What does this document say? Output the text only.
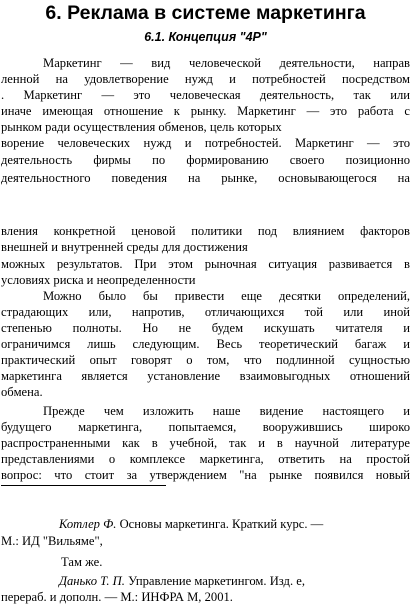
6. Реклама в системе маркетинга
6.1. Концепция "4P"
Маркетинг — вид человеческой деятельности, направ
ленной на удовлетворение нужд и потребностей посредством
. Маркетинг — это человеческая деятельность, так или
иначе имеющая отношение к рынку. Маркетинг — это работа с
рынком ради осуществления обменов, цель которых
ворение человеческих нужд и потребностей. Маркетинг — это
деятельность фирмы по формированию своего позиционно
деятельностного поведения на рынке, основывающегося на
вления конкретной ценовой политики под влиянием факторов
внешней и внутренней среды для достижения
можных результатов. При этом рыночная ситуация развивается в
условиях риска и неопределенности
Можно было бы привести еще десятки определений,
страдающих или, напротив, отличающихся той или иной
степенью полноты. Но не будем искушать читателя и
ограничимся лишь следующим. Весь теоретический багаж и
практический опыт говорят о том, что подлинной сущностью
маркетинга является установление взаимовыгодных отношений
обмена.
Прежде чем изложить наше видение настоящего и
будущего маркетинга, попытаемся, вооружившись широко
распространенными как в учебной, так и в научной литературе
представлениями о комплексе маркетинга, ответить на простой
вопрос: что стоит за утверждением "на рынке появился новый
Котлер Ф. Основы маркетинга. Краткий курс. —
М.: ИД "Вильяме",
Там же.
Данько Т. П. Управление маркетингом. Изд. е,
перераб. и дополн. — М.: ИНФРА М, 2001.
